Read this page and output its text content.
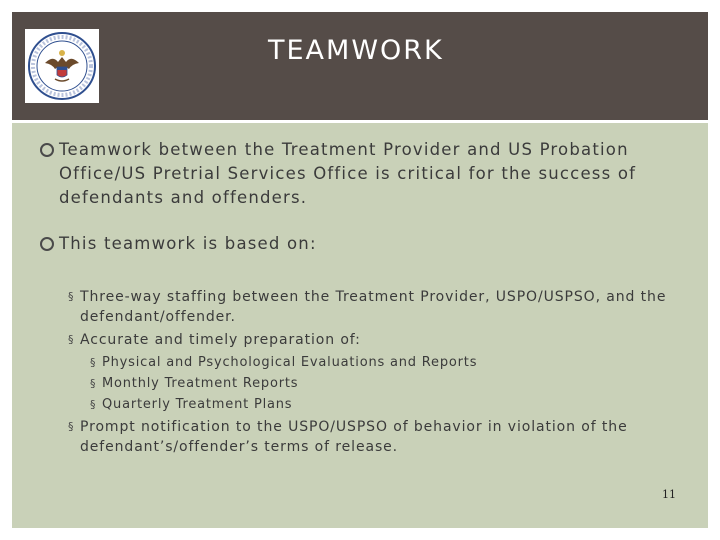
TEAMWORK
Teamwork between the Treatment Provider and US Probation Office/US Pretrial Services Office is critical for the success of defendants and offenders.
This teamwork is based on:
§ Three-way staffing between the Treatment Provider, USPO/USPSO, and the defendant/offender.
§ Accurate and timely preparation of:
§ Physical and Psychological Evaluations and Reports
§ Monthly Treatment Reports
§ Quarterly Treatment Plans
§ Prompt notification to the USPO/USPSO of behavior in violation of the defendant’s/offender’s terms of release.
11
